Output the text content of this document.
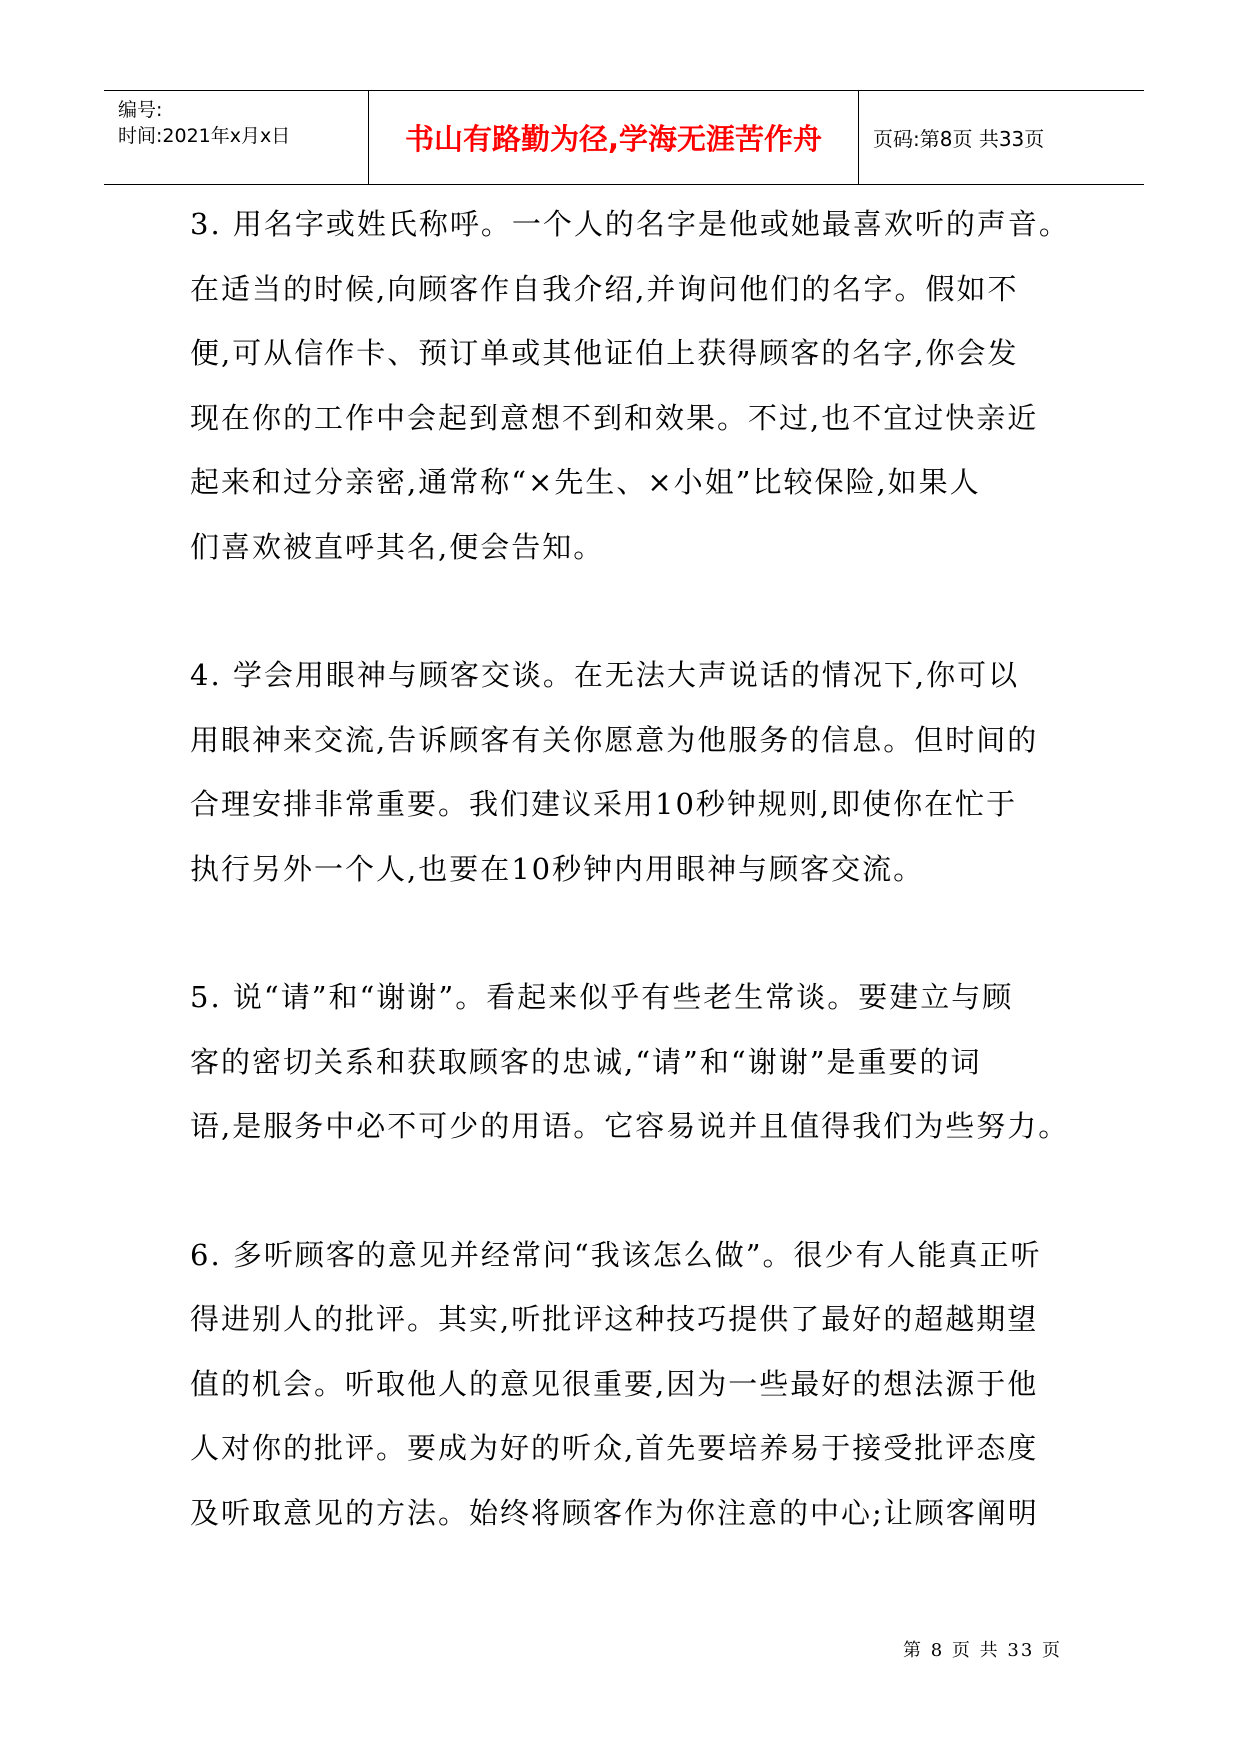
编号:
时间:2021年x月x日	书山有路勤为径,学海无涯苦作舟	页码:第8页 共33页

3. 用名字或姓氏称呼。一个人的名字是他或她最喜欢听的声音。

在适当的时候,向顾客作自我介绍,并询问他们的名字。假如不

便,可从信作卡、预订单或其他证伯上获得顾客的名字,你会发

现在你的工作中会起到意想不到和效果。不过,也不宜过快亲近

起来和过分亲密,通常称“×先生、×小姐”比较保险,如果人

们喜欢被直呼其名,便会告知。

4. 学会用眼神与顾客交谈。在无法大声说话的情况下,你可以

用眼神来交流,告诉顾客有关你愿意为他服务的信息。但时间的

合理安排非常重要。我们建议采用10秒钟规则,即使你在忙于

执行另外一个人,也要在10秒钟内用眼神与顾客交流。

5. 说“请”和“谢谢”。看起来似乎有些老生常谈。要建立与顾

客的密切关系和获取顾客的忠诚,“请”和“谢谢”是重要的词

语,是服务中必不可少的用语。它容易说并且值得我们为些努力。

6. 多听顾客的意见并经常问“我该怎么做”。很少有人能真正听

得进别人的批评。其实,听批评这种技巧提供了最好的超越期望

值的机会。听取他人的意见很重要,因为一些最好的想法源于他

人对你的批评。要成为好的听众,首先要培养易于接受批评态度

及听取意见的方法。始终将顾客作为你注意的中心;让顾客阐明

第 8 页 共 33 页
